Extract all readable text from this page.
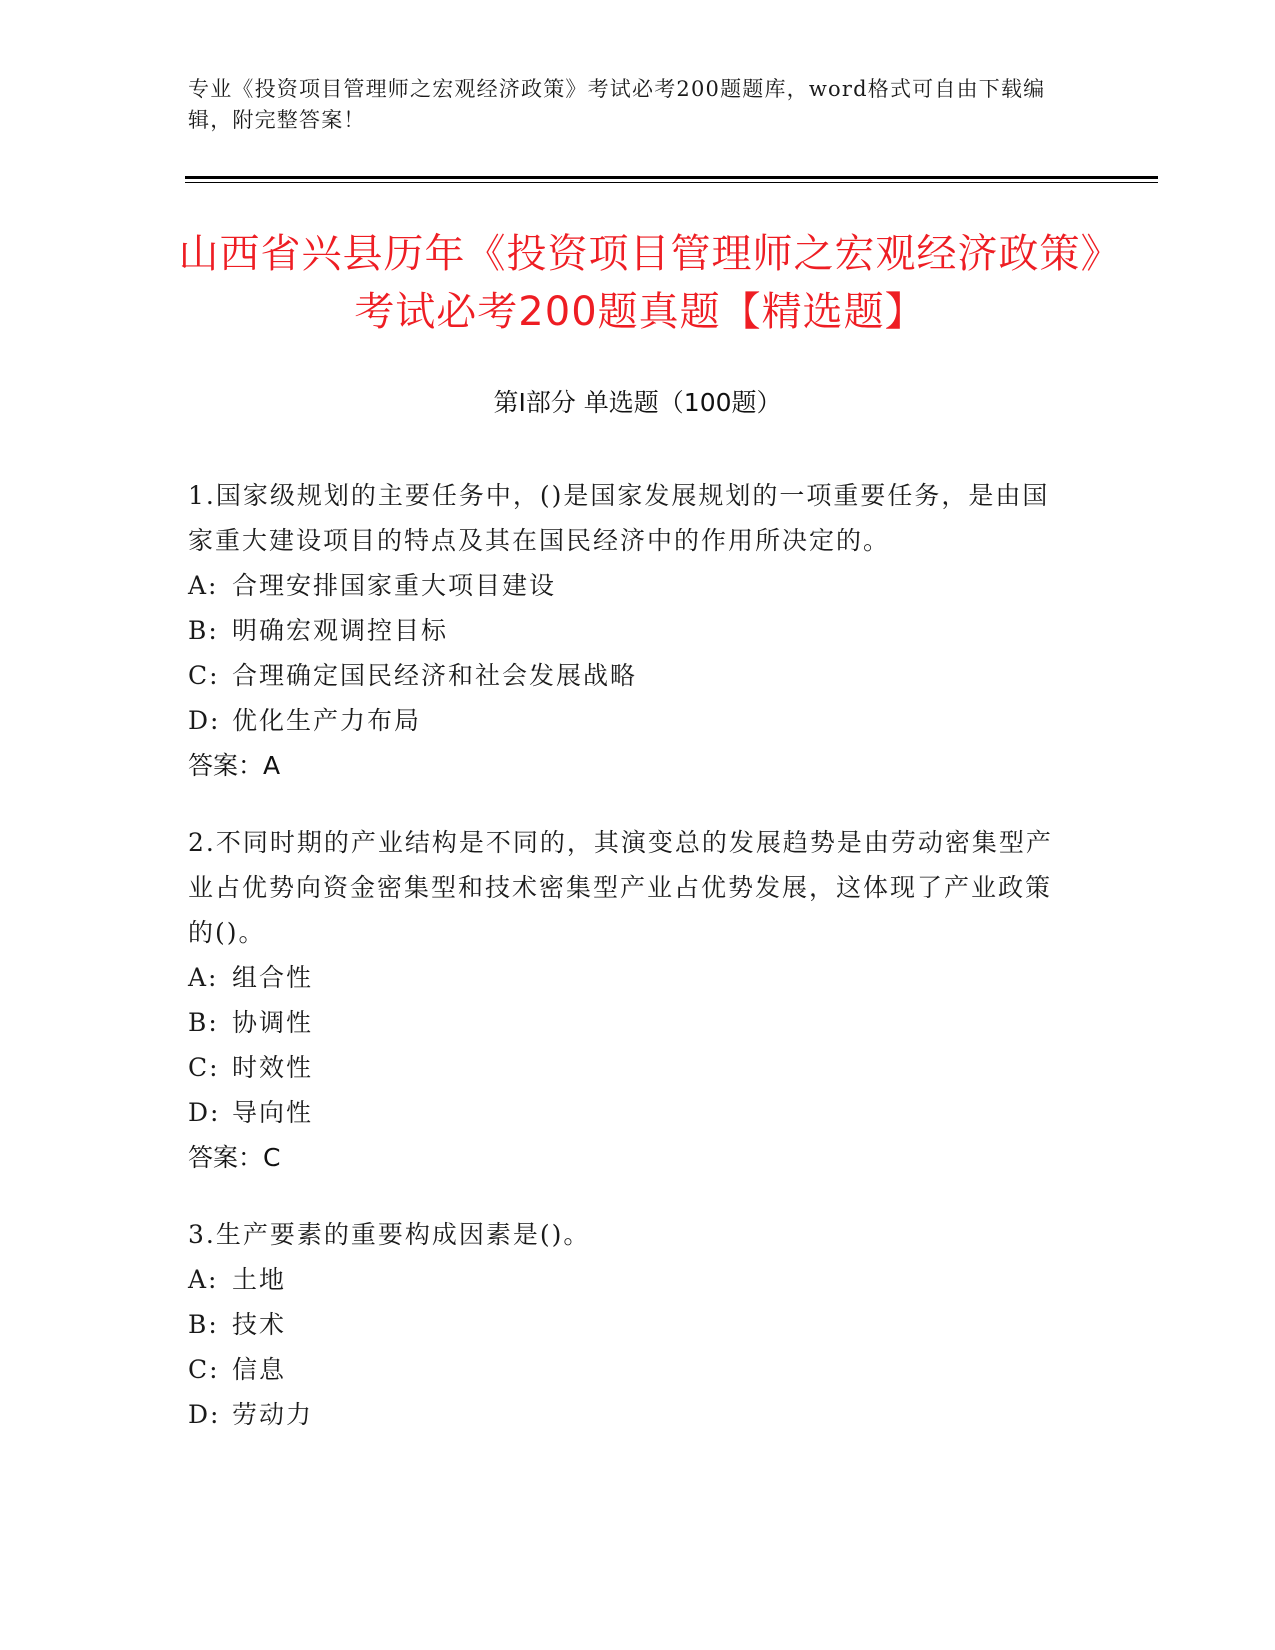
专业《投资项目管理师之宏观经济政策》考试必考200题题库，word格式可自由下载编辑，附完整答案！
山西省兴县历年《投资项目管理师之宏观经济政策》考试必考200题真题【精选题】
第I部分 单选题（100题）
1.国家级规划的主要任务中，()是国家发展规划的一项重要任务，是由国家重大建设项目的特点及其在国民经济中的作用所决定的。
A: 合理安排国家重大项目建设
B: 明确宏观调控目标
C: 合理确定国民经济和社会发展战略
D: 优化生产力布局
答案：A
2.不同时期的产业结构是不同的，其演变总的发展趋势是由劳动密集型产业占优势向资金密集型和技术密集型产业占优势发展，这体现了产业政策的()。
A: 组合性
B: 协调性
C: 时效性
D: 导向性
答案：C
3.生产要素的重要构成因素是()。
A: 土地
B: 技术
C: 信息
D: 劳动力
